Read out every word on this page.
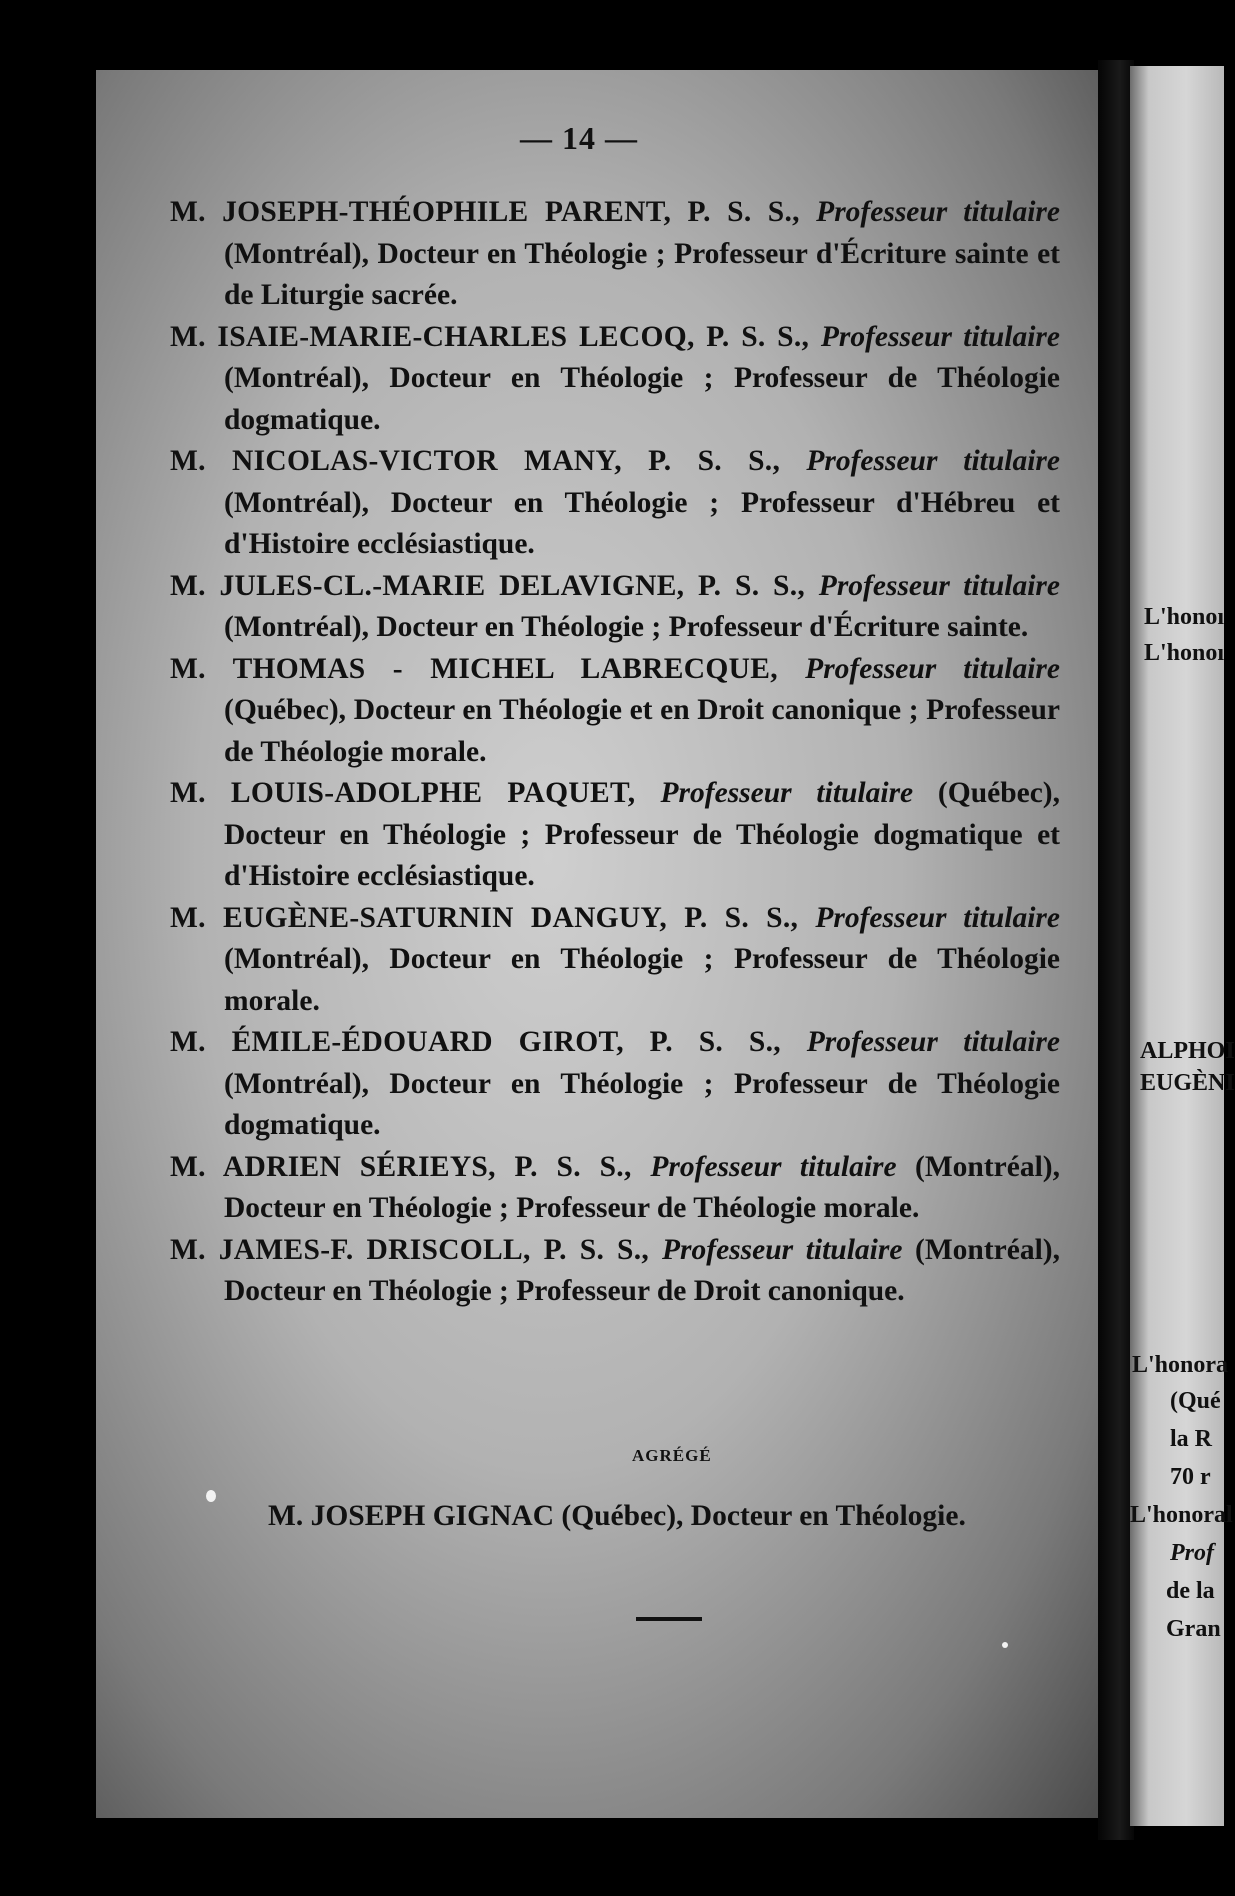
L'honoı
L'honoı
ALPHOI
EUGÈNI
L'honora
(Qué
la R
70 r
L'honoral
Prof
de la
Gran
— 14 —

M. JOSEPH-THÉOPHILE PARENT, P. S. S., Professeur titulaire (Montréal), Docteur en Théologie ; Professeur d'Écriture sainte et de Liturgie sacrée.

M. ISAIE-MARIE-CHARLES LECOQ, P. S. S., Professeur titulaire (Montréal), Docteur en Théologie ; Professeur de Théologie dogmatique.

M. NICOLAS-VICTOR MANY, P. S. S., Professeur titulaire (Montréal), Docteur en Théologie ; Professeur d'Hébreu et d'Histoire ecclésiastique.

M. JULES-CL.-MARIE DELAVIGNE, P. S. S., Professeur titulaire (Montréal), Docteur en Théologie ; Professeur d'Écriture sainte.

M. THOMAS - MICHEL LABRECQUE, Professeur titulaire (Québec), Docteur en Théologie et en Droit canonique ; Professeur de Théologie morale.

M. LOUIS-ADOLPHE PAQUET, Professeur titulaire (Québec), Docteur en Théologie ; Professeur de Théologie dogmatique et d'Histoire ecclésiastique.

M. EUGÈNE-SATURNIN DANGUY, P. S. S., Professeur titulaire (Montréal), Docteur en Théologie ; Professeur de Théologie morale.

M. ÉMILE-ÉDOUARD GIROT, P. S. S., Professeur titulaire (Montréal), Docteur en Théologie ; Professeur de Théologie dogmatique.

M. ADRIEN SÉRIEYS, P. S. S., Professeur titulaire (Montréal), Docteur en Théologie ; Professeur de Théologie morale.

M. JAMES-F. DRISCOLL, P. S. S., Professeur titulaire (Montréal), Docteur en Théologie ; Professeur de Droit canonique.

AGRÉGÉ
M. JOSEPH GIGNAC (Québec), Docteur en Théologie.
